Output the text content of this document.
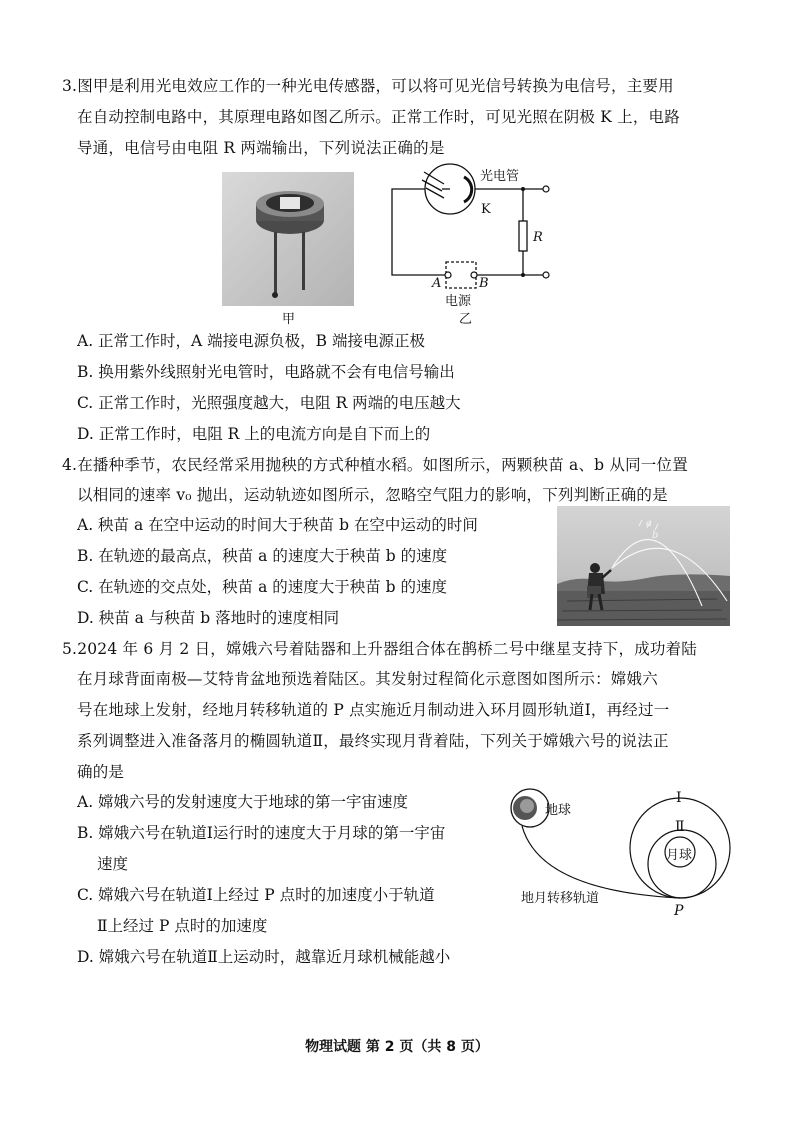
3.图甲是利用光电效应工作的一种光电传感器，可以将可见光信号转换为电信号，主要用
在自动控制电路中，其原理电路如图乙所示。正常工作时，可见光照在阴极 K 上，电路
导通，电信号由电阻 R 两端输出，下列说法正确的是
甲
光电管
K
R
A	B
电源
乙
A. 正常工作时，A 端接电源负极，B 端接电源正极
B. 换用紫外线照射光电管时，电路就不会有电信号输出
C. 正常工作时，光照强度越大，电阻 R 两端的电压越大
D. 正常工作时，电阻 R 上的电流方向是自下而上的
4.在播种季节，农民经常采用抛秧的方式种植水稻。如图所示，两颗秧苗 a、b 从同一位置
以相同的速率 v₀ 抛出，运动轨迹如图所示，忽略空气阻力的影响，下列判断正确的是
A. 秧苗 a 在空中运动的时间大于秧苗 b 在空中运动的时间
B. 在轨迹的最高点，秧苗 a 的速度大于秧苗 b 的速度
C. 在轨迹的交点处，秧苗 a 的速度大于秧苗 b 的速度
D. 秧苗 a 与秧苗 b 落地时的速度相同
a
b
5.2024 年 6 月 2 日，嫦娥六号着陆器和上升器组合体在鹊桥二号中继星支持下，成功着陆
在月球背面南极—艾特肯盆地预选着陆区。其发射过程简化示意图如图所示：嫦娥六
号在地球上发射，经地月转移轨道的 P 点实施近月制动进入环月圆形轨道Ⅰ，再经过一
系列调整进入准备落月的椭圆轨道Ⅱ，最终实现月背着陆，下列关于嫦娥六号的说法正
确的是
A. 嫦娥六号的发射速度大于地球的第一宇宙速度
B. 嫦娥六号在轨道Ⅰ运行时的速度大于月球的第一宇宙
速度
C. 嫦娥六号在轨道Ⅰ上经过 P 点时的加速度小于轨道
Ⅱ上经过 P 点时的加速度
D. 嫦娥六号在轨道Ⅱ上运动时，越靠近月球机械能越小
地球
Ⅰ
Ⅱ
月球
地月转移轨道
P
物理试题 第 2 页（共 8 页）
